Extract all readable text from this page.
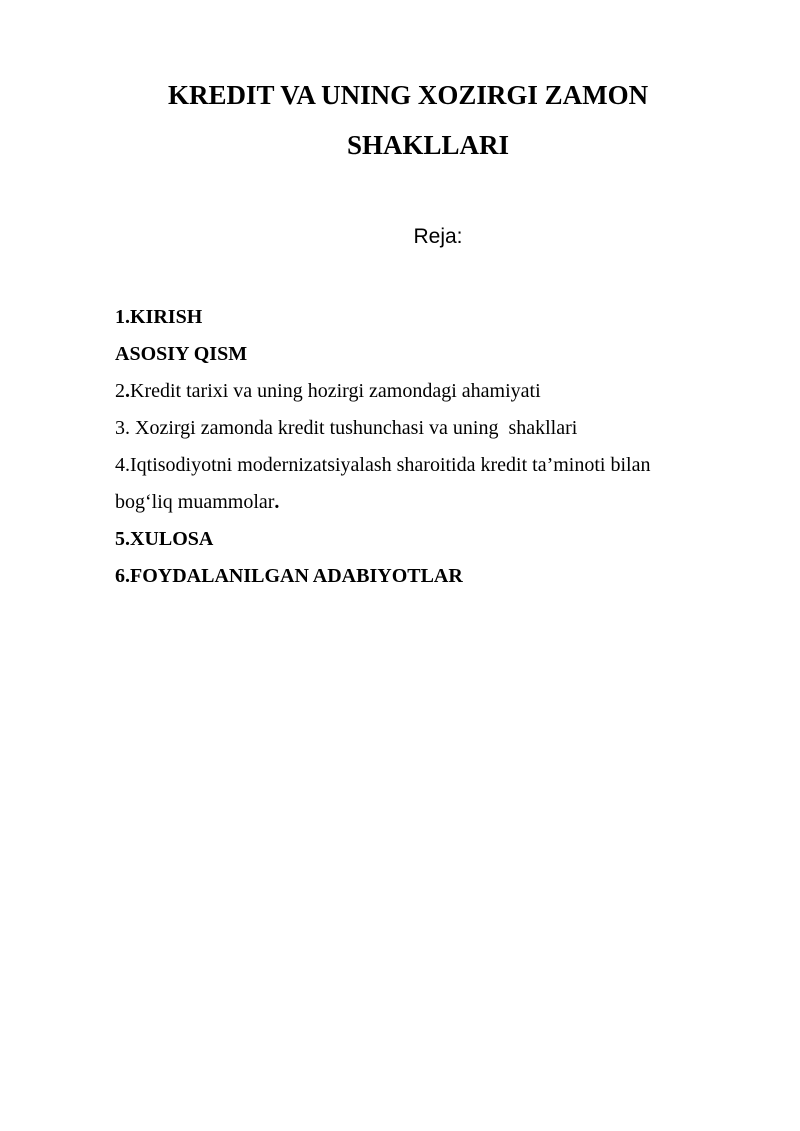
KREDIT VA UNING XOZIRGI ZAMON
SHAKLLARI
Reja:
1.KIRISH
ASOSIY QISM
2.Kredit tarixi va uning hozirgi zamondagi ahamiyati
3. Xozirgi zamonda kredit tushunchasi va uning  shakllari
4.Iqtisodiyotni modernizatsiyalash sharoitida kredit ta’minoti bilan
bog‘liq muammolar.
5.XULOSA
6.FOYDALANILGAN ADABIYOTLAR
